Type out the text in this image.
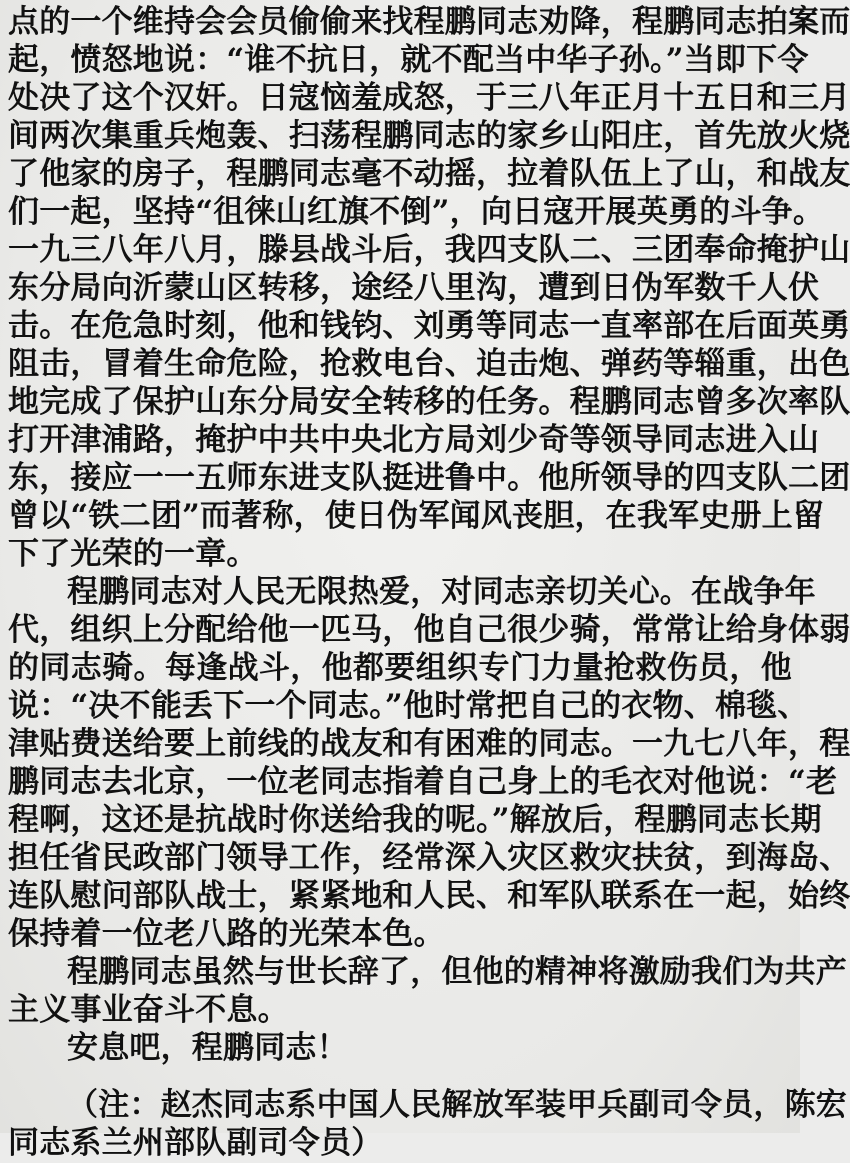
点的一个维持会会员偷偷来找程鹏同志劝降，程鹏同志拍案而
起，愤怒地说：“谁不抗日，就不配当中华子孙。”当即下令
处决了这个汉奸。日寇恼羞成怒，于三八年正月十五日和三月
间两次集重兵炮轰、扫荡程鹏同志的家乡山阳庄，首先放火烧
了他家的房子，程鹏同志毫不动摇，拉着队伍上了山，和战友
们一起，坚持“徂徕山红旗不倒”，向日寇开展英勇的斗争。
一九三八年八月，滕县战斗后，我四支队二、三团奉命掩护山
东分局向沂蒙山区转移，途经八里沟，遭到日伪军数千人伏
击。在危急时刻，他和钱钧、刘勇等同志一直率部在后面英勇
阻击，冒着生命危险，抢救电台、迫击炮、弹药等辎重，出色
地完成了保护山东分局安全转移的任务。程鹏同志曾多次率队
打开津浦路，掩护中共中央北方局刘少奇等领导同志进入山
东，接应一一五师东进支队挺进鲁中。他所领导的四支队二团
曾以“铁二团”而著称，使日伪军闻风丧胆，在我军史册上留
下了光荣的一章。
程鹏同志对人民无限热爱，对同志亲切关心。在战争年
代，组织上分配给他一匹马，他自己很少骑，常常让给身体弱
的同志骑。每逢战斗，他都要组织专门力量抢救伤员，他
说：“决不能丢下一个同志。”他时常把自己的衣物、棉毯、
津贴费送给要上前线的战友和有困难的同志。一九七八年，程
鹏同志去北京，一位老同志指着自己身上的毛衣对他说：“老
程啊，这还是抗战时你送给我的呢。”解放后，程鹏同志长期
担任省民政部门领导工作，经常深入灾区救灾扶贫，到海岛、
连队慰问部队战士，紧紧地和人民、和军队联系在一起，始终
保持着一位老八路的光荣本色。
程鹏同志虽然与世长辞了，但他的精神将激励我们为共产
主义事业奋斗不息。
安息吧，程鹏同志！
（注：赵杰同志系中国人民解放军装甲兵副司令员，陈宏
同志系兰州部队副司令员）
